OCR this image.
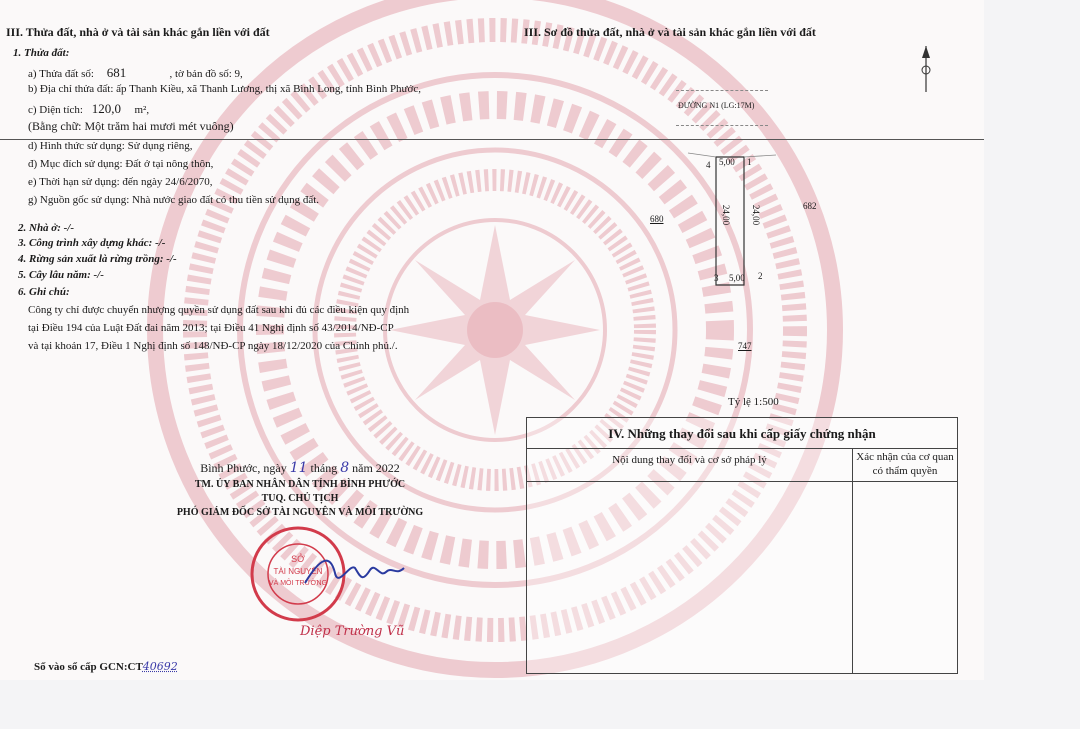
III. Thửa đất, nhà ở và tài sản khác gắn liền với đất
1. Thửa đất:
a) Thửa đất số: 681	, tờ bản đồ số: 9,
b) Địa chỉ thửa đất: ấp Thanh Kiều, xã Thanh Lương, thị xã Bình Long, tỉnh Bình Phước,
c) Diện tích: 120,0 m²,
(Bằng chữ: Một trăm hai mươi mét vuông)
d) Hình thức sử dụng: Sử dụng riêng,
đ) Mục đích sử dụng: Đất ở tại nông thôn,
e) Thời hạn sử dụng: đến ngày 24/6/2070,
g) Nguồn gốc sử dụng: Nhà nước giao đất có thu tiền sử dụng đất.
2. Nhà ở: -/-
3. Công trình xây dựng khác: -/-
4. Rừng sản xuất là rừng trồng: -/-
5. Cây lâu năm: -/-
6. Ghi chú:
Công ty chỉ được chuyển nhượng quyền sử dụng đất sau khi đủ các điều kiện quy định
tại Điều 194 của Luật Đất đai năm 2013; tại Điều 41 Nghị định số 43/2014/NĐ-CP
và tại khoản 17, Điều 1 Nghị định số 148/NĐ-CP ngày 18/12/2020 của Chính phủ./.
Bình Phước, ngày 11 tháng 8 năm 2022
TM. ỦY BAN NHÂN DÂN TỈNH BÌNH PHƯỚC
TUQ. CHỦ TỊCH
PHÓ GIÁM ĐỐC SỞ TÀI NGUYÊN VÀ MÔI TRƯỜNG
SỞ
TÀI NGUYÊN
VÀ MÔI TRƯỜNG
Diệp Trường Vũ
Số vào sổ cấp GCN:CT40692
III. Sơ đồ thửa đất, nhà ở và tài sản khác gắn liền với đất
ĐƯỜNG N1 (LG:17M)
4 5,00 1
24,00 24,00
3 5,00 2
680
682
747
Tỷ lệ 1:500
IV. Những thay đổi sau khi cấp giấy chứng nhận
Nội dung thay đổi và cơ sở pháp lý	Xác nhận của cơ quan
có thẩm quyền
